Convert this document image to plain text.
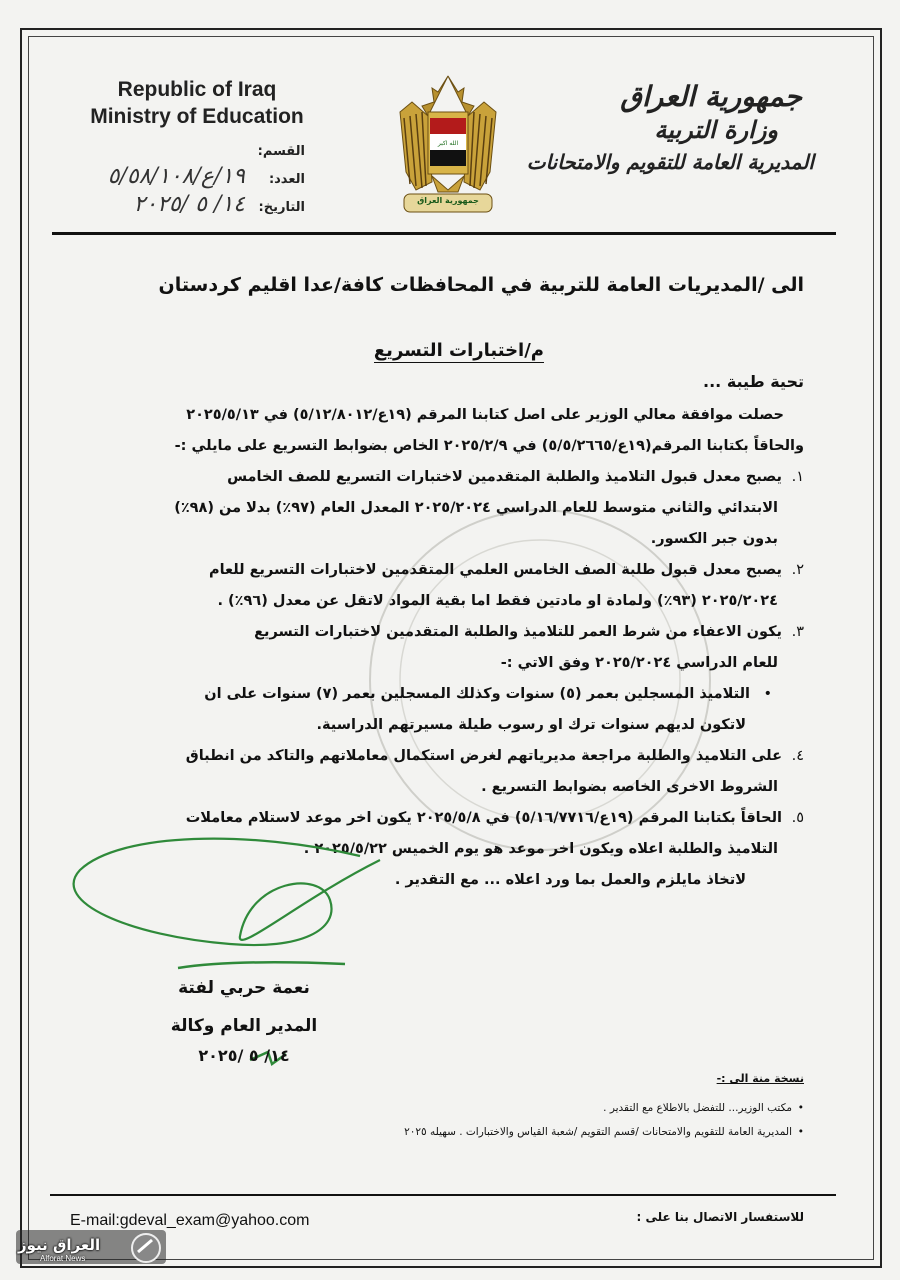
Republic of Iraq
Ministry of Education
جمهورية العراق
وزارة التربية
المديرية العامة للتقويم والامتحانات
الله اكبر
جمهورية العراق
القسم:
العدد:
١٩/ع/٥/٥٨/١٠٨
التاريخ:
١٤/ ٥ /٢٠٢٥
الى /المديريات العامة للتربية في المحافظات كافة/عدا اقليم كردستان
م/اختبارات التسريع
تحية طيبة ...
حصلت موافقة معالي الوزير على اصل كتابنا المرقم (١٩ع/٥/١٢/٨٠١٢) في ٢٠٢٥/٥/١٣
والحاقاً بكتابنا المرقم(١٩ع/٥/٥/٢٦٦٥) في ٢٠٢٥/٢/٩ الخاص بضوابط التسريع على مايلي :-
١.يصبح معدل قبول التلاميذ والطلبة المتقدمين لاختبارات التسريع للصف الخامس
الابتدائي والثاني متوسط للعام الدراسي ٢٠٢٥/٢٠٢٤ المعدل العام (٩٧٪) بدلا من (٩٨٪)
بدون جبر الكسور.
٢.يصبح معدل قبول طلبة الصف الخامس العلمي المتقدمين لاختبارات التسريع للعام
٢٠٢٥/٢٠٢٤ (٩٣٪) ولمادة او مادتين فقط اما بقية المواد لاتقل عن معدل (٩٦٪) .
٣.يكون الاعفاء من شرط العمر للتلاميذ والطلبة المتقدمين لاختبارات التسريع
للعام الدراسي ٢٠٢٥/٢٠٢٤ وفق الاتي :-
•التلاميذ المسجلين بعمر (٥) سنوات وكذلك المسجلين بعمر (٧) سنوات على ان
لاتكون لديهم سنوات ترك او رسوب طيلة مسيرتهم الدراسية.
٤.على التلاميذ والطلبة مراجعة مديرياتهم لغرض استكمال معاملاتهم والتاكد من انطباق
الشروط الاخرى الخاصه بضوابط التسريع .
٥.الحاقاً بكتابنا المرقم (١٩ع/٥/١٦/٧٧١٦) في ٢٠٢٥/٥/٨ يكون اخر موعد لاستلام معاملات
التلاميذ والطلبة اعلاه ويكون اخر موعد هو يوم الخميس ٢٠٢٥/٥/٢٢ .
لاتخاذ مايلزم والعمل بما ورد اعلاه ... مع التقدير .
نعمة حربي لفتة
المدير العام وكالة
١٤/ ٥ /٢٠٢٥
نسخة منة الى :-
•مكتب الوزير... للتفضل بالاطلاع مع التقدير .
•المديرية العامة للتقويم والامتحانات /قسم التقويم /شعبة القياس والاختبارات . سهيله ٢٠٢٥
E-mail:gdeval_exam@yahoo.com	للاستفسار الاتصال بنا على :
العراق نيوز
Alforat News
